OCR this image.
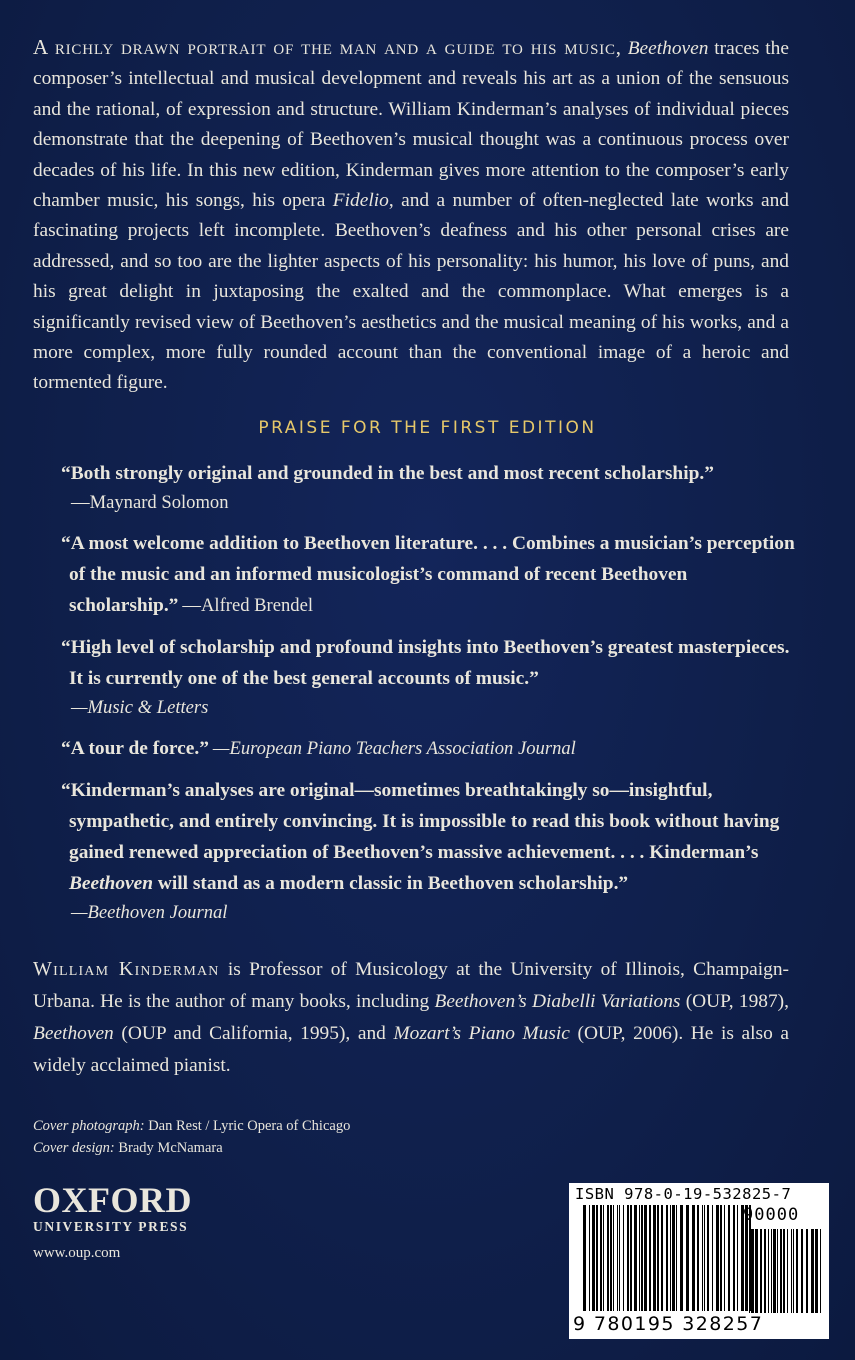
A richly drawn portrait of the man and a guide to his music, Beethoven traces the composer’s intellectual and musical development and reveals his art as a union of the sensuous and the rational, of expression and structure. William Kinderman’s analyses of individual pieces demonstrate that the deepening of Beethoven’s musical thought was a continuous process over decades of his life. In this new edition, Kinderman gives more attention to the composer’s early chamber music, his songs, his opera Fidelio, and a number of often-neglected late works and fascinating projects left incomplete. Beethoven’s deafness and his other personal crises are addressed, and so too are the lighter aspects of his personality: his humor, his love of puns, and his great delight in juxtaposing the exalted and the commonplace. What emerges is a significantly revised view of Beethoven’s aesthetics and the musical meaning of his works, and a more complex, more fully rounded account than the conventional image of a heroic and tormented figure.
PRAISE FOR THE FIRST EDITION
“Both strongly original and grounded in the best and most recent scholarship.”
—Maynard Solomon
“A most welcome addition to Beethoven literature. . . . Combines a musician’s perception of the music and an informed musicologist’s command of recent Beethoven scholarship.” —Alfred Brendel
“High level of scholarship and profound insights into Beethoven’s greatest masterpieces. It is currently one of the best general accounts of music.”
—Music & Letters
“A tour de force.” —European Piano Teachers Association Journal
“Kinderman’s analyses are original—sometimes breathtakingly so—insightful, sympathetic, and entirely convincing. It is impossible to read this book without having gained renewed appreciation of Beethoven’s massive achievement. . . . Kinderman’s Beethoven will stand as a modern classic in Beethoven scholarship.”
—Beethoven Journal
William Kinderman is Professor of Musicology at the University of Illinois, Champaign-Urbana. He is the author of many books, including Beethoven’s Diabelli Variations (OUP, 1987), Beethoven (OUP and California, 1995), and Mozart’s Piano Music (OUP, 2006). He is also a widely acclaimed pianist.
Cover photograph: Dan Rest / Lyric Opera of Chicago
Cover design: Brady McNamara
OXFORD
UNIVERSITY PRESS
www.oup.com
ISBN 978-0-19-532825-7
90000
9 780195 328257
